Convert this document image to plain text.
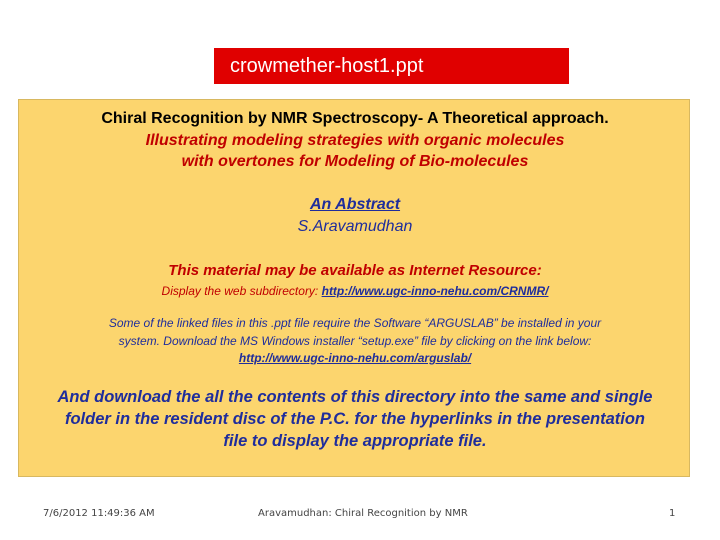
crowmether-host1.ppt
Chiral Recognition by NMR Spectroscopy- A Theoretical approach.
Illustrating modeling strategies with organic molecules
with overtones for Modeling of Bio-molecules
An Abstract
S.Aravamudhan
This material may be available as Internet Resource:
Display the web subdirectory: http://www.ugc-inno-nehu.com/CRNMR/
Some of the linked files in this .ppt file require the Software “ARGUSLAB” be installed in your
system. Download the MS Windows installer “setup.exe” file by clicking on the link below:
http://www.ugc-inno-nehu.com/arguslab/
And download the all the contents of this directory into the same and single
folder in the resident disc of the P.C. for the hyperlinks in the presentation
file to display the appropriate file.
7/6/2012 11:49:36 AM	Aravamudhan: Chiral Recognition by NMR	1
